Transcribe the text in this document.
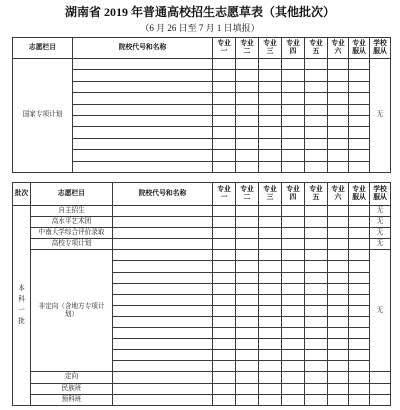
湖南省 2019 年普通高校招生志愿草表（其他批次）
（6 月 26 日至 7 月 1 日填报）
志愿栏目	院校代号和名称	专业一	专业二	专业三	专业四	专业五	专业六	专业服从	学校服从
国家专项计划									无

批次	志愿栏目	院校代号和名称	专业一	专业二	专业三	专业四	专业五	专业六	专业服从	学校服从
本科一批	自主招生									无
	高水平艺术团									无
	中南大学综合评价录取									无
	高校专项计划									无
	非定向（含地方专项计划）									无

	定向									
	民族班									
	预科班									
